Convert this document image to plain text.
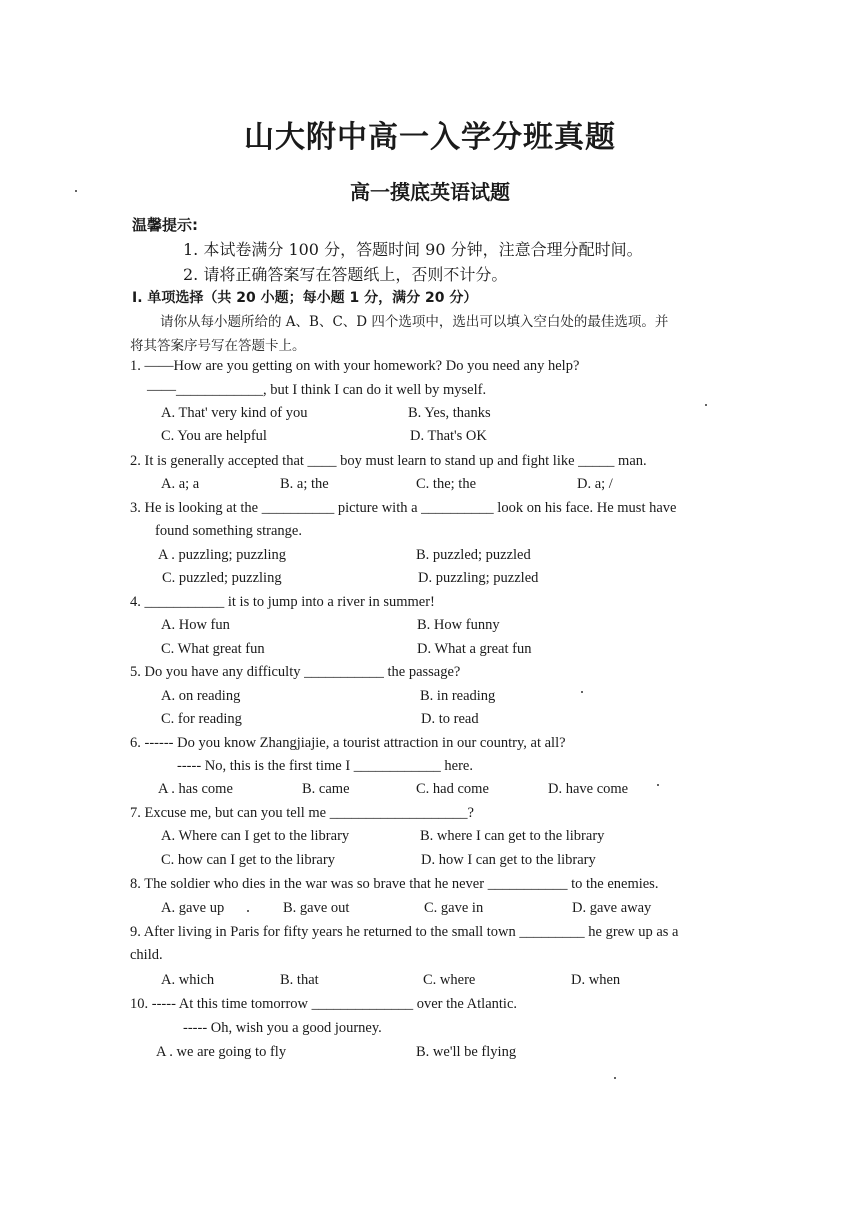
山大附中高一入学分班真题
高一摸底英语试题
温馨提示:
1. 本试卷满分 100 分，答题时间 90 分钟，注意合理分配时间。
2. 请将正确答案写在答题纸上，否则不计分。
I. 单项选择（共 20 小题；每小题 1 分，满分 20 分）
请你从每小题所给的 A、B、C、D 四个选项中，选出可以填入空白处的最佳选项。并
将其答案序号写在答题卡上。
1. ——How are you getting on with your homework? Do you need any help?
——____________, but I think I can do it well by myself.
A. That' very kind of you	B. Yes, thanks
C. You are helpful	D. That's OK
2. It is generally accepted that ____ boy must learn to stand up and fight like _____ man.
A. a; a	B. a; the	C. the; the	D. a; /
3. He is looking at the __________ picture with a __________ look on his face. He must have
found something strange.
A . puzzling; puzzling	B. puzzled; puzzled
C. puzzled; puzzling	D. puzzling; puzzled
4. ___________ it is to jump into a river in summer!
A. How fun	B. How funny
C. What great fun	D. What a great fun
5. Do you have any difficulty ___________ the passage?
A. on reading	B. in reading
C. for reading	D. to read
6. ------ Do you know Zhangjiajie, a tourist attraction in our country, at all?
----- No, this is the first time I ____________ here.
A . has come	B. came	C. had come	D. have come
7. Excuse me, but can you tell me ___________________?
A. Where can I get to the library	B. where I can get to the library
C. how can I get to the library	D. how I can get to the library
8. The soldier who dies in the war was so brave that he never ___________ to the enemies.
A. gave up	B. gave out	C. gave in	D. gave away
9. After living in Paris for fifty years he returned to the small town _________ he grew up as a
child.
A. which	B. that	C. where	D. when
10. ----- At this time tomorrow ______________ over the Atlantic.
----- Oh, wish you a good journey.
A . we are going to fly	B. we'll be flying
